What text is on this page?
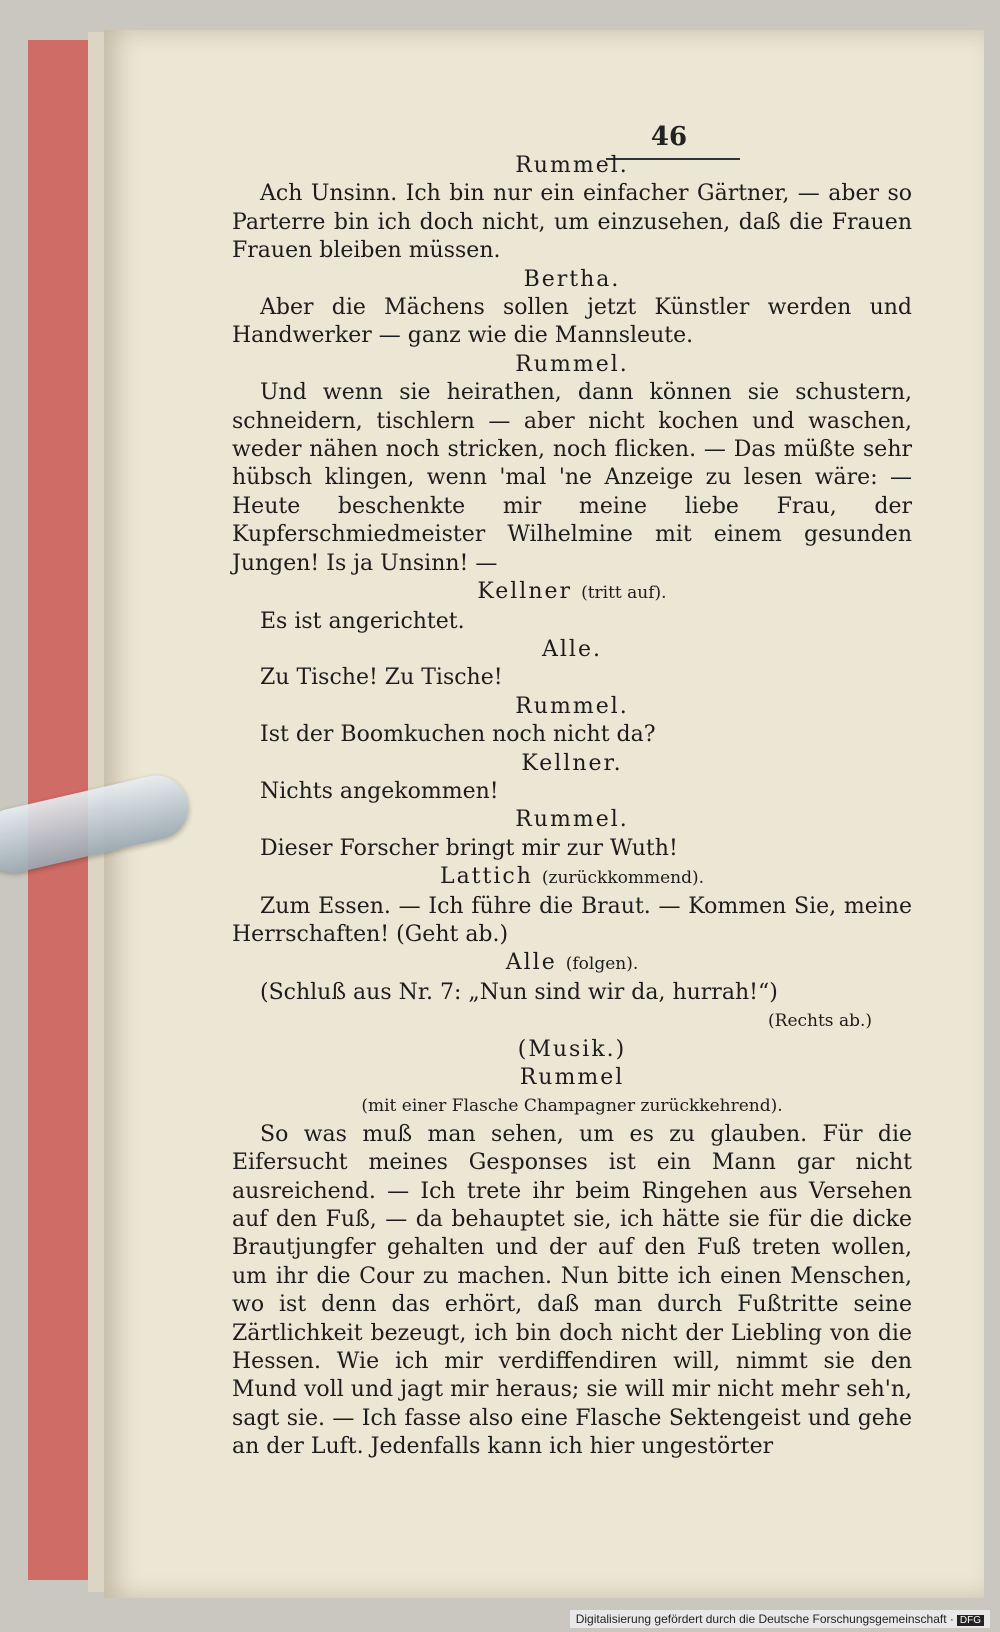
46
Rummel.
Ach Unsinn. Ich bin nur ein einfacher Gärtner, — aber so Parterre bin ich doch nicht, um einzusehen, daß die Frauen Frauen bleiben müssen.
Bertha.
Aber die Mächens sollen jetzt Künstler werden und Handwerker — ganz wie die Mannsleute.
Rummel.
Und wenn sie heirathen, dann können sie schustern, schneidern, tischlern — aber nicht kochen und waschen, weder nähen noch stricken, noch flicken. — Das müßte sehr hübsch klingen, wenn 'mal 'ne Anzeige zu lesen wäre: — Heute beschenkte mir meine liebe Frau, der Kupferschmiedmeister Wilhelmine mit einem gesunden Jungen! Is ja Unsinn! —
Kellner (tritt auf).
Es ist angerichtet.
Alle.
Zu Tische! Zu Tische!
Rummel.
Ist der Boomkuchen noch nicht da?
Kellner.
Nichts angekommen!
Rummel.
Dieser Forscher bringt mir zur Wuth!
Lattich (zurückkommend).
Zum Essen. — Ich führe die Braut. — Kommen Sie, meine Herrschaften! (Geht ab.)
Alle (folgen).
(Schluß aus Nr. 7: „Nun sind wir da, hurrah!“)
(Rechts ab.)
(Musik.)
Rummel
(mit einer Flasche Champagner zurückkehrend).
So was muß man sehen, um es zu glauben. Für die Eifersucht meines Gesponses ist ein Mann gar nicht ausreichend. — Ich trete ihr beim Ringehen aus Versehen auf den Fuß, — da behauptet sie, ich hätte sie für die dicke Brautjungfer gehalten und der auf den Fuß treten wollen, um ihr die Cour zu machen. Nun bitte ich einen Menschen, wo ist denn das erhört, daß man durch Fußtritte seine Zärtlichkeit bezeugt, ich bin doch nicht der Liebling von die Hessen. Wie ich mir verdiffendiren will, nimmt sie den Mund voll und jagt mir heraus; sie will mir nicht mehr seh'n, sagt sie. — Ich fasse also eine Flasche Sektengeist und gehe an der Luft. Jedenfalls kann ich hier ungestörter
Digitalisierung gefördert durch die Deutsche Forschungsgemeinschaft · DFG
